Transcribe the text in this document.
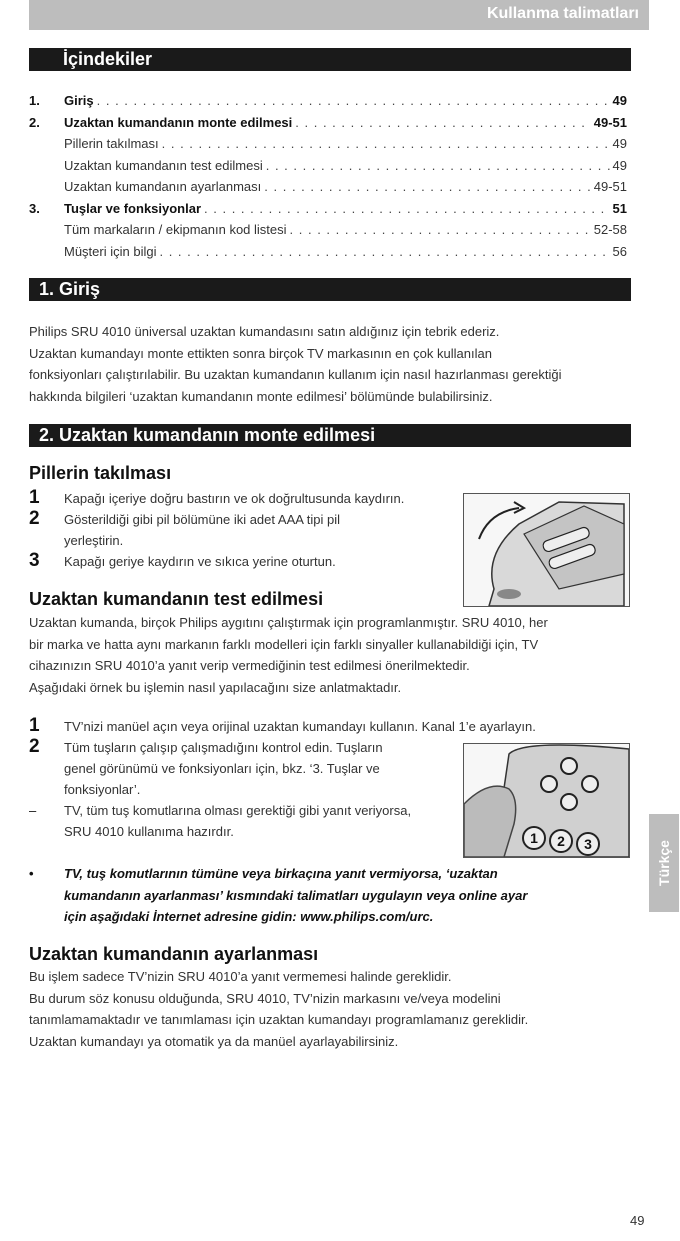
Kullanma talimatları
İçindekiler
1.	Giriş . . .	49
2.	Uzaktan kumandanın monte edilmesi . . .	49-51
Pillerin takılması . . .	49
Uzaktan kumandanın test edilmesi . . .	49
Uzaktan kumandanın ayarlanması . . .	49-51
3.	Tuşlar ve fonksiyonlar . . .	51
Tüm markaların / ekipmanın kod listesi . . .	52-58
Müşteri için bilgi . . .	56
1. Giriş
Philips SRU 4010 üniversal uzaktan kumandasını satın aldığınız için tebrik ederiz.
Uzaktan kumandayı monte ettikten sonra birçok TV markasının en çok kullanılan
fonksiyonları çalıştırılabilir. Bu uzaktan kumandanın kullanım için nasıl hazırlanması gerektiği
hakkında bilgileri ‘uzaktan kumandanın monte edilmesi’ bölümünde bulabilirsiniz.
2. Uzaktan kumandanın monte edilmesi
Pillerin takılması
1 Kapağı içeriye doğru bastırın ve ok doğrultusunda kaydırın.
2 Gösterildiği gibi pil bölümüne iki adet AAA tipi pil
yerleştirin.
3 Kapağı geriye kaydırın ve sıkıca yerine oturtun.
Uzaktan kumandanın test edilmesi
Uzaktan kumanda, birçok Philips aygıtını çalıştırmak için programlanmıştır. SRU 4010, her
bir marka ve hatta aynı markanın farklı modelleri için farklı sinyaller kullanabildiği için, TV
cihazınızın SRU 4010’a yanıt verip vermediğinin test edilmesi önerilmektedir.
Aşağıdaki örnek bu işlemin nasıl yapılacağını size anlatmaktadır.
1 TV’nizi manüel açın veya orijinal uzaktan kumandayı kullanın. Kanal 1’e ayarlayın.
2 Tüm tuşların çalışıp çalışmadığını kontrol edin. Tuşların
genel görünümü ve fonksiyonları için, bkz. ‘3. Tuşlar ve
fonksiyonlar’.
– TV, tüm tuş komutlarına olması gerektiği gibi yanıt veriyorsa,
SRU 4010 kullanıma hazırdır.	1 2 3
• TV, tuş komutlarının tümüne veya birkaçına yanıt vermiyorsa, ‘uzaktan
kumandanın ayarlanması’ kısmındaki talimatları uygulayın veya online ayar
için aşağıdaki İnternet adresine gidin: www.philips.com/urc.
Uzaktan kumandanın ayarlanması
Bu işlem sadece TV’nizin SRU 4010’a yanıt vermemesi halinde gereklidir.
Bu durum söz konusu olduğunda, SRU 4010, TV’nizin markasını ve/veya modelini
tanımlamamaktadır ve tanımlaması için uzaktan kumandayı programlamanız gereklidir.
Uzaktan kumandayı ya otomatik ya da manüel ayarlayabilirsiniz.
Türkçe
49
